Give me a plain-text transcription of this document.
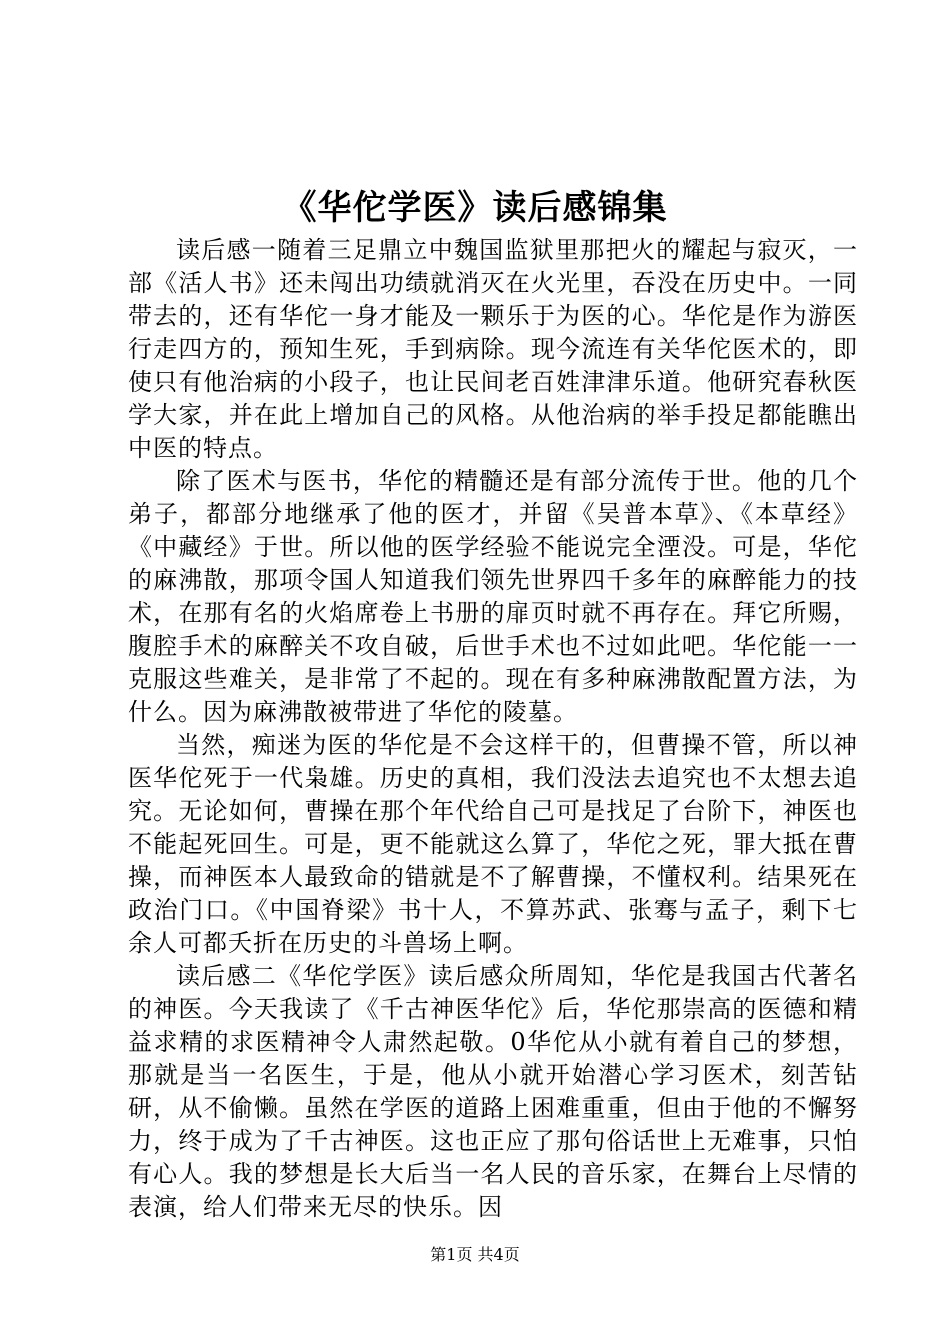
《华佗学医》读后感锦集

读后感一随着三足鼎立中魏国监狱里那把火的耀起与寂灭，一部《活人书》还未闯出功绩就消灭在火光里，吞没在历史中。一同带去的，还有华佗一身才能及一颗乐于为医的心。华佗是作为游医行走四方的，预知生死，手到病除。现今流连有关华佗医术的，即使只有他治病的小段子，也让民间老百姓津津乐道。他研究春秋医学大家，并在此上增加自己的风格。从他治病的举手投足都能瞧出中医的特点。

除了医术与医书，华佗的精髓还是有部分流传于世。他的几个弟子，都部分地继承了他的医才，并留《吴普本草》、《本草经》《中藏经》于世。所以他的医学经验不能说完全湮没。可是，华佗的麻沸散，那项令国人知道我们领先世界四千多年的麻醉能力的技术，在那有名的火焰席卷上书册的扉页时就不再存在。拜它所赐，腹腔手术的麻醉关不攻自破，后世手术也不过如此吧。华佗能一一克服这些难关，是非常了不起的。现在有多种麻沸散配置方法，为什么。因为麻沸散被带进了华佗的陵墓。

当然，痴迷为医的华佗是不会这样干的，但曹操不管，所以神医华佗死于一代枭雄。历史的真相，我们没法去追究也不太想去追究。无论如何，曹操在那个年代给自己可是找足了台阶下，神医也不能起死回生。可是，更不能就这么算了，华佗之死，罪大抵在曹操，而神医本人最致命的错就是不了解曹操，不懂权利。结果死在政治门口。《中国脊梁》书十人，不算苏武、张骞与孟子，剩下七余人可都夭折在历史的斗兽场上啊。

读后感二《华佗学医》读后感众所周知，华佗是我国古代著名的神医。今天我读了《千古神医华佗》后，华佗那崇高的医德和精益求精的求医精神令人肃然起敬。0华佗从小就有着自己的梦想，那就是当一名医生，于是，他从小就开始潜心学习医术，刻苦钻研，从不偷懒。虽然在学医的道路上困难重重，但由于他的不懈努力，终于成为了千古神医。这也正应了那句俗话世上无难事，只怕有心人。我的梦想是长大后当一名人民的音乐家，在舞台上尽情的表演，给人们带来无尽的快乐。因

第1页 共4页
